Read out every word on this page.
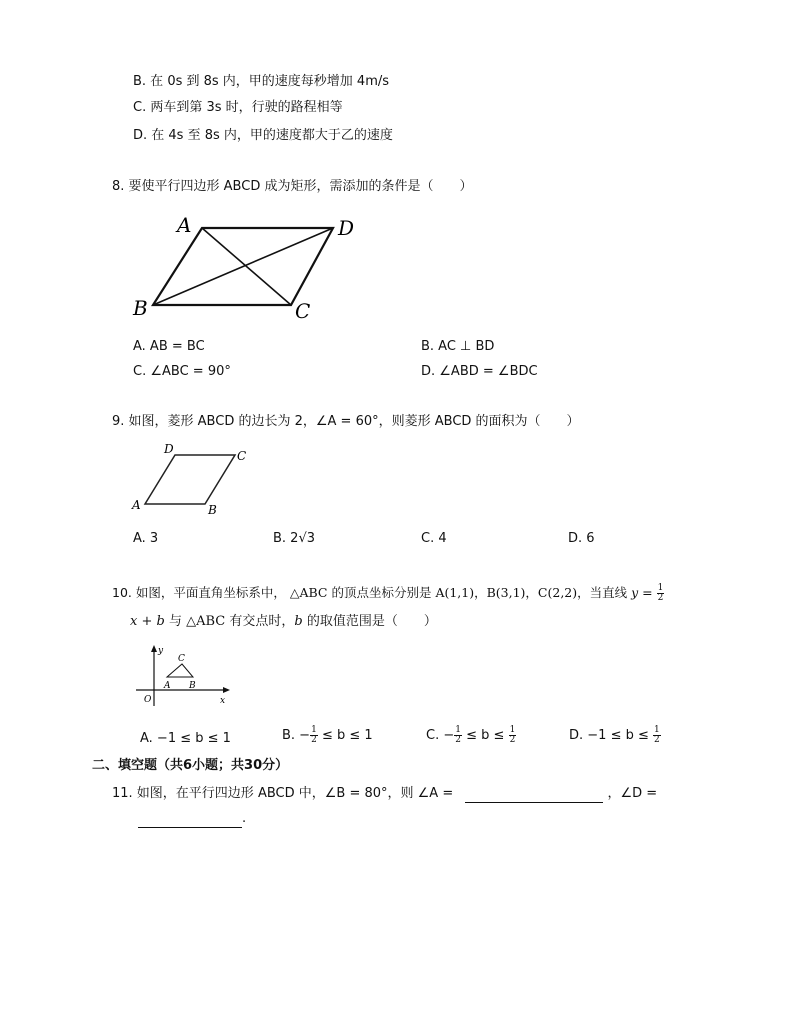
B. 在 0s 到 8s 内，甲的速度每秒增加 4m/s
C. 两车到第 3s 时，行驶的路程相等
D. 在 4s 至 8s 内，甲的速度都大于乙的速度
8. 要使平行四边形 ABCD 成为矩形，需添加的条件是（　　）
A	D
B	C
A. AB = BC	B. AC ⊥ BD
C. ∠ABC = 90°	D. ∠ABD = ∠BDC
9. 如图，菱形 ABCD 的边长为 2，∠A = 60°，则菱形 ABCD 的面积为（　　）
D	C
A	B
A. 3	B. 2√3	C. 4	D. 6
10. 如图，平面直角坐标系中， △ABC 的顶点坐标分别是 A(1,1)，B(3,1)，C(2,2)，当直线 $y = \frac{1}{2}$
x + b 与 △ABC 有交点时，b 的取值范围是（　　）
y
C
A B
O	x
A. −1 ≤ b ≤ 1	B. − $\frac{1}{2} \le b \le 1$	C. − $\frac{1}{2} \le b \le \frac{1}{2}$	D. $-1 \le b \le \frac{1}{2}$
二、填空题（共6小题；共30分）
11. 如图，在平行四边形 ABCD 中，∠B = 80°，则 ∠A =	，∠D =
.
